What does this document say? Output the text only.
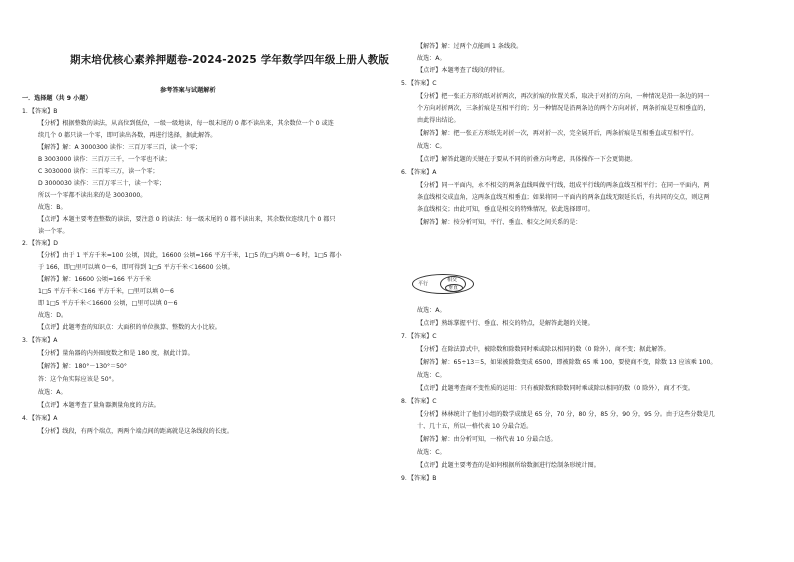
期末培优核心素养押题卷-2024-2025 学年数学四年级上册人教版
参考答案与试题解析
一．选择题（共 9 小题）
1．【答案】B
【分析】根据整数的读法，从高位到低位，一级一级地读，每一级末尾的 0 都不读出来，其余数位一个 0 或连
续几个 0 都只读一个零，即可读出各数，再进行选择，据此解答。
【解答】解：A 3000300 读作：三百万零三百，读一个零；
B 3003000 读作：三百万三千，一个零也不读；
C 3030000 读作：三百零三万，读一个零；
D 3000030 读作：三百万零三十，读一个零；
所以一个零都不读出来的是 3003000。
故选：B。
【点评】本题主要考查整数的读法，要注意 0 的读法：每一级末尾的 0 都不读出来，其余数位连续几个 0 都只
读一个零。
2．【答案】D
【分析】由于 1 平方千米=100 公顷，因此，16600 公顷=166 平方千米，1□5 的□内填 0～6 时，1□5 都小
于 166，即□里可以填 0～6，即可得到 1□5 平方千米＜16600 公顷。
【解答】解：16600 公顷=166 平方千米
1□5 平方千米＜166 平方千米，□里可以填 0～6
即 1□5 平方千米＜16600 公顷，□里可以填 0～6
故选：D。
【点评】此题考查的知识点：大面积的单位换算、整数的大小比较。
3．【答案】A
【分析】量角器的内外圈度数之和是 180 度，据此计算。
【解答】解：180°－130°＝50°
答：这个角实际应该是 50°。
故选：A。
【点评】本题考查了量角器测量角度的方法。
4．【答案】A
【分析】线段，有两个端点，两两个端点间的距离就是这条线段的长度。
【解答】解：过两个点能画 1 条线段。
故选：A。
【点评】本题考查了线段的特征。
5．【答案】C
【分析】把一张正方形的纸对折两次，再次折痕的位置关系，取决于对折的方向，一种情况是沿一条边的同一
个方向对折两次，三条折痕是互相平行的；另一种情况是沿两条边的两个方向对折，两条折痕是互相垂直的，
由此得出结论。
【解答】解：把一张正方形纸先对折一次，再对折一次，完全展开后，两条折痕是互相垂直或互相平行。
故选：C。
【点评】解答此题的关键在于要从不同的折叠方向考虑，具体操作一下会更简捷。
6．【答案】A
【分析】同一平面内，永不相交的两条直线叫做平行线，组成平行线的两条直线互相平行；在同一平面内，两
条直线相交成直角，这两条直线互相垂直；如果将同一平面内的两条直线无限延长后，有共同的交点，则这两
条直线相交；由此可知，垂直是相交的特殊情况，依此选择即可。
【解答】解：按分析可知，平行、垂直、相交之间关系的是：
故选：A。
【点评】熟练掌握平行、垂直、相交的特点，是解答此题的关键。
7．【答案】C
【分析】在除法算式中，被除数和除数同时乘或除以相同的数（0 除外），商不变；据此解答。
【解答】解：65÷13＝5，如果被除数变成 6500，即被除数 65 乘 100，要使商不变，除数 13 应该乘 100。
故选：C。
【点评】此题考查商不变性质的运用：只有被除数和除数同时乘或除以相同的数（0 除外），商才不变。
8．【答案】C
【分析】林林统计了他们小组的数学成绩是 65 分，70 分，80 分，85 分，90 分，95 分。由于这些分数是几
十、几十五，所以一格代表 10 分最合适。
【解答】解：由分析可知，一格代表 10 分最合适。
故选：C。
【点评】此题主要考查的是如何根据所给数据进行绘制条形统计图。
9．【答案】B
平行
相交
垂直
